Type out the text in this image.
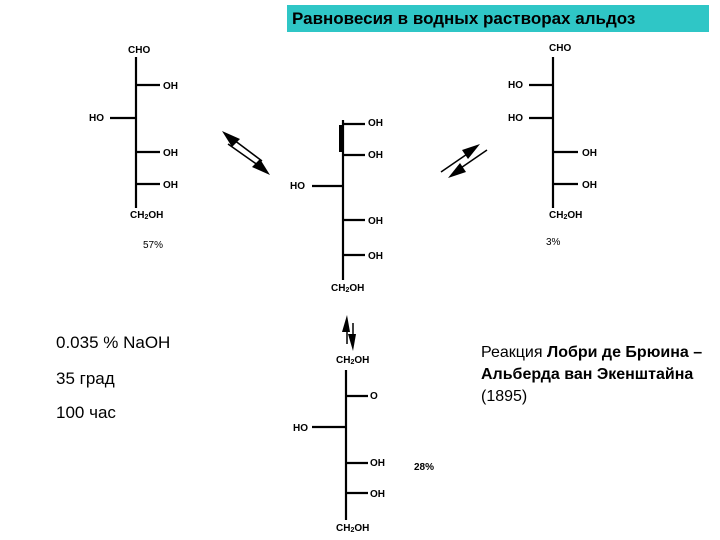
Равновесия в водных растворах альдоз
CHO
OH
HO
OH
OH
$CH_2OH$
57%
OH
OH
HO
OH
OH
$CH_2OH$
CHO
HO
HO
OH
OH
$CH_2OH$
3%
$CH_2OH$
O
HO
OH
OH
$CH_2OH$
28%
0.035 % NaOH
35 град
100 час
Реакция Лобри де Брюина – Альберда ван Экенштайна
(1895)
